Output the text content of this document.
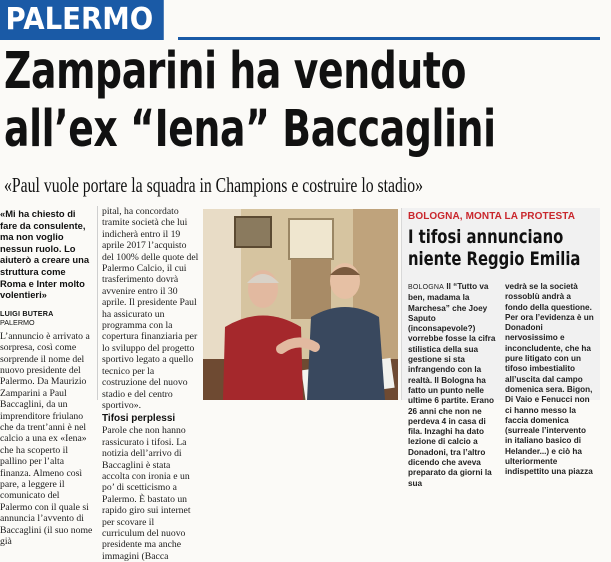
PALERMO
Zamparini ha venduto
all’ex “Iena” Baccaglini
«Paul vuole portare la squadra in Champions e costruire lo stadio»
«Mi ha chiesto di fare da consulente, ma non voglio nessun ruolo. Lo aiuterò a creare una struttura come Roma e Inter molto volentieri»
LUIGI BUTERA
PALERMO

L’annuncio è arrivato a sorpresa, così come sorprende il nome del nuovo presidente del Palermo. Da Maurizio Zamparini a Paul Baccaglini, da un imprenditore friulano che da trent’anni è nel calcio a una ex «Iena» che ha scoperto il pallino per l’alta finanza. Almeno così pare, a leggere il comunicato del Palermo con il quale si annuncia l’avvento di Baccaglini (il suo nome già

pital, ha concordato tramite società che lui indicherà entro il 19 aprile 2017 l’acquisto del 100% delle quote del Palermo Calcio, il cui trasferimento dovrà avvenire entro il 30 aprile. Il presidente Paul ha assicurato un programma con la copertura finanziaria per lo sviluppo del progetto sportivo legato a quello tecnico per la costruzione del nuovo stadio e del centro sportivo».

Tifosi perplessi

Parole che non hanno rassicurato i tifosi. La notizia dell’arrivo di Baccaglini è stata accolta con ironia e un po’ di scetticismo a Palermo. È bastato un rapido giro sui internet per scovare il curriculum del nuovo presidente ma anche immagini (Bacca

BOLOGNA, MONTA LA PROTESTA
I tifosi annunciano
niente Reggio Emilia
BOLOGNA Il “Tutto va ben, madama la Marchesa” che Joey Saputo (inconsapevole?) vorrebbe fosse la cifra stilistica della sua gestione si sta infrangendo con la realtà. Il Bologna ha fatto un punto nelle ultime 6 partite. Erano 26 anni che non ne perdeva 4 in casa di fila. Inzaghi ha dato lezione di calcio a Donadoni, tra l’altro dicendo che aveva preparato da giorni la sua
vedrà se la società rossoblù andrà a fondo della questione. Per ora l’evidenza è un Donadoni nervosissimo e inconcludente, che ha pure litigato con un tifoso imbestialito all’uscita dal campo domenica sera. Bigon, Di Vaio e Fenucci non ci hanno messo la faccia domenica (surreale l’intervento in italiano basico di Helander...) e ciò ha ulteriormente indispettito una piazza
